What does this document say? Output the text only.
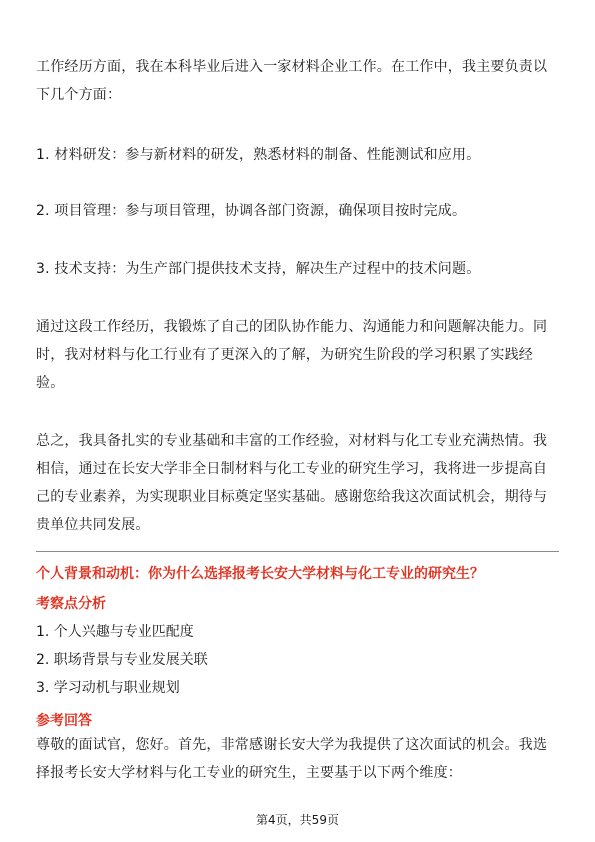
工作经历方面，我在本科毕业后进入一家材料企业工作。在工作中，我主要负责以
下几个方面：

1. 材料研发：参与新材料的研发，熟悉材料的制备、性能测试和应用。

2. 项目管理：参与项目管理，协调各部门资源，确保项目按时完成。

3. 技术支持：为生产部门提供技术支持，解决生产过程中的技术问题。

通过这段工作经历，我锻炼了自己的团队协作能力、沟通能力和问题解决能力。同
时，我对材料与化工行业有了更深入的了解，为研究生阶段的学习积累了实践经
验。

总之，我具备扎实的专业基础和丰富的工作经验，对材料与化工专业充满热情。我
相信，通过在长安大学非全日制材料与化工专业的研究生学习，我将进一步提高自
己的专业素养，为实现职业目标奠定坚实基础。感谢您给我这次面试机会，期待与
贵单位共同发展。

个人背景和动机：你为什么选择报考长安大学材料与化工专业的研究生？
考察点分析
1. 个人兴趣与专业匹配度
2. 职场背景与专业发展关联
3. 学习动机与职业规划
参考回答

尊敬的面试官，您好。首先，非常感谢长安大学为我提供了这次面试的机会。我选
择报考长安大学材料与化工专业的研究生，主要基于以下两个维度：

第4页，共59页
